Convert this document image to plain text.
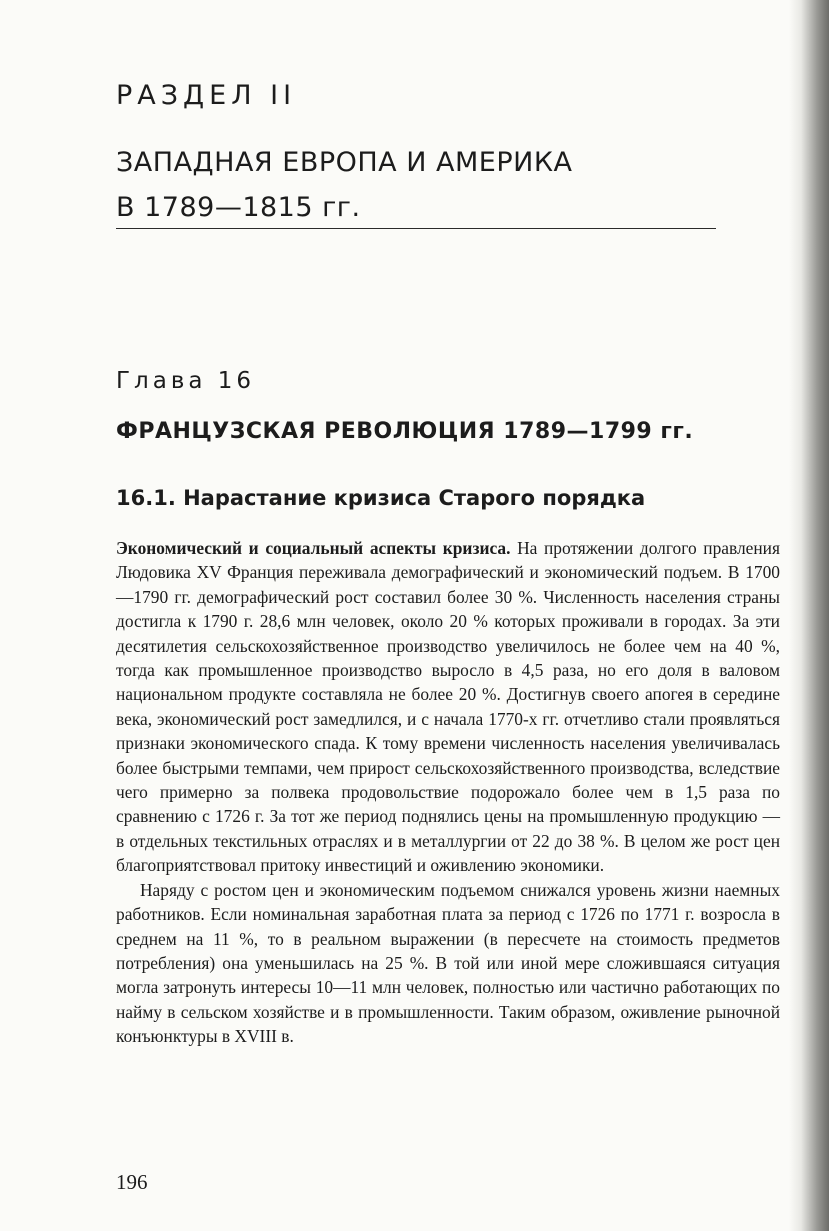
РАЗДЕЛ II
ЗАПАДНАЯ ЕВРОПА И АМЕРИКА
В 1789—1815 гг.
Глава 16
ФРАНЦУЗСКАЯ РЕВОЛЮЦИЯ 1789—1799 гг.
16.1. Нарастание кризиса Старого порядка

Экономический и социальный аспекты кризиса. На протяжении долгого правления Людовика XV Франция переживала демографический и экономический подъем. В 1700—1790 гг. демографический рост составил более 30 %. Численность населения страны достигла к 1790 г. 28,6 млн человек, около 20 % которых проживали в городах. За эти десятилетия сельскохозяйственное производство увеличилось не более чем на 40 %, тогда как промышленное производство выросло в 4,5 раза, но его доля в валовом национальном продукте составляла не более 20 %. Достигнув своего апогея в середине века, экономический рост замедлился, и с начала 1770-х гг. отчетливо стали проявляться признаки экономического спада. К тому времени численность населения увеличивалась более быстрыми темпами, чем прирост сельскохозяйственного производства, вследствие чего примерно за полвека продовольствие подорожало более чем в 1,5 раза по сравнению с 1726 г. За тот же период поднялись цены на промышленную продукцию — в отдельных текстильных отраслях и в металлургии от 22 до 38 %. В целом же рост цен благоприятствовал притоку инвестиций и оживлению экономики.

Наряду с ростом цен и экономическим подъемом снижался уровень жизни наемных работников. Если номинальная заработная плата за период с 1726 по 1771 г. возросла в среднем на 11 %, то в реальном выражении (в пересчете на стоимость предметов потребления) она уменьшилась на 25 %. В той или иной мере сложившаяся ситуация могла затронуть интересы 10—11 млн человек, полностью или частично работающих по найму в сельском хозяйстве и в промышленности. Таким образом, оживление рыночной конъюнктуры в XVIII в.

196
